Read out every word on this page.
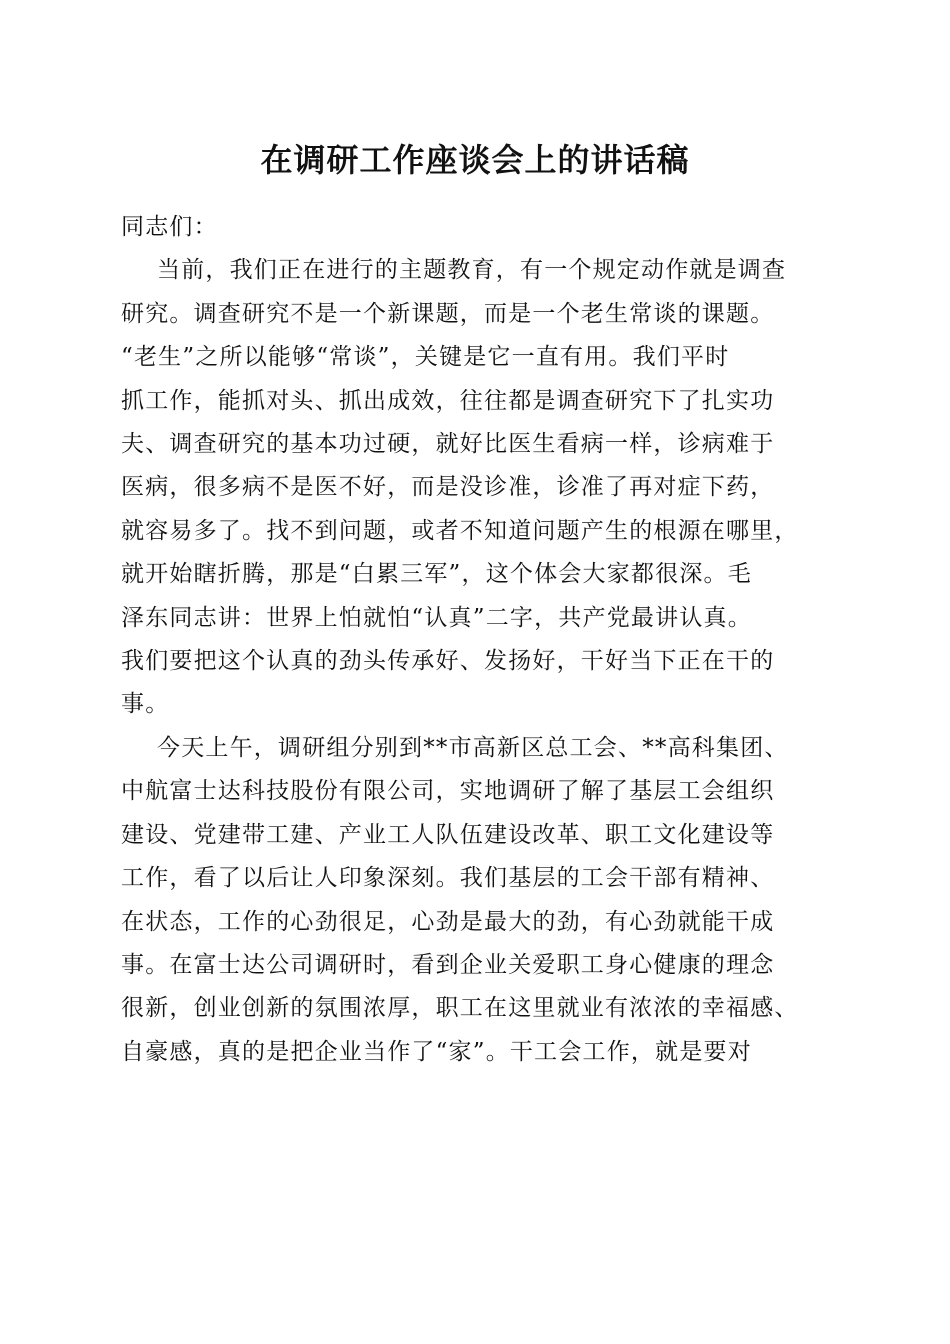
在调研工作座谈会上的讲话稿
同志们：
当前，我们正在进行的主题教育，有一个规定动作就是调查
研究。调查研究不是一个新课题，而是一个老生常谈的课题。
“老生”之所以能够“常谈”，关键是它一直有用。我们平时
抓工作，能抓对头、抓出成效，往往都是调查研究下了扎实功
夫、调查研究的基本功过硬，就好比医生看病一样，诊病难于
医病，很多病不是医不好，而是没诊准，诊准了再对症下药，
就容易多了。找不到问题，或者不知道问题产生的根源在哪里，
就开始瞎折腾，那是“白累三军”，这个体会大家都很深。毛
泽东同志讲：世界上怕就怕“认真”二字，共产党最讲认真。
我们要把这个认真的劲头传承好、发扬好，干好当下正在干的
事。
今天上午，调研组分别到**市高新区总工会、**高科集团、
中航富士达科技股份有限公司，实地调研了解了基层工会组织
建设、党建带工建、产业工人队伍建设改革、职工文化建设等
工作，看了以后让人印象深刻。我们基层的工会干部有精神、
在状态，工作的心劲很足，心劲是最大的劲，有心劲就能干成
事。在富士达公司调研时，看到企业关爱职工身心健康的理念
很新，创业创新的氛围浓厚，职工在这里就业有浓浓的幸福感、
自豪感，真的是把企业当作了“家”。干工会工作，就是要对
